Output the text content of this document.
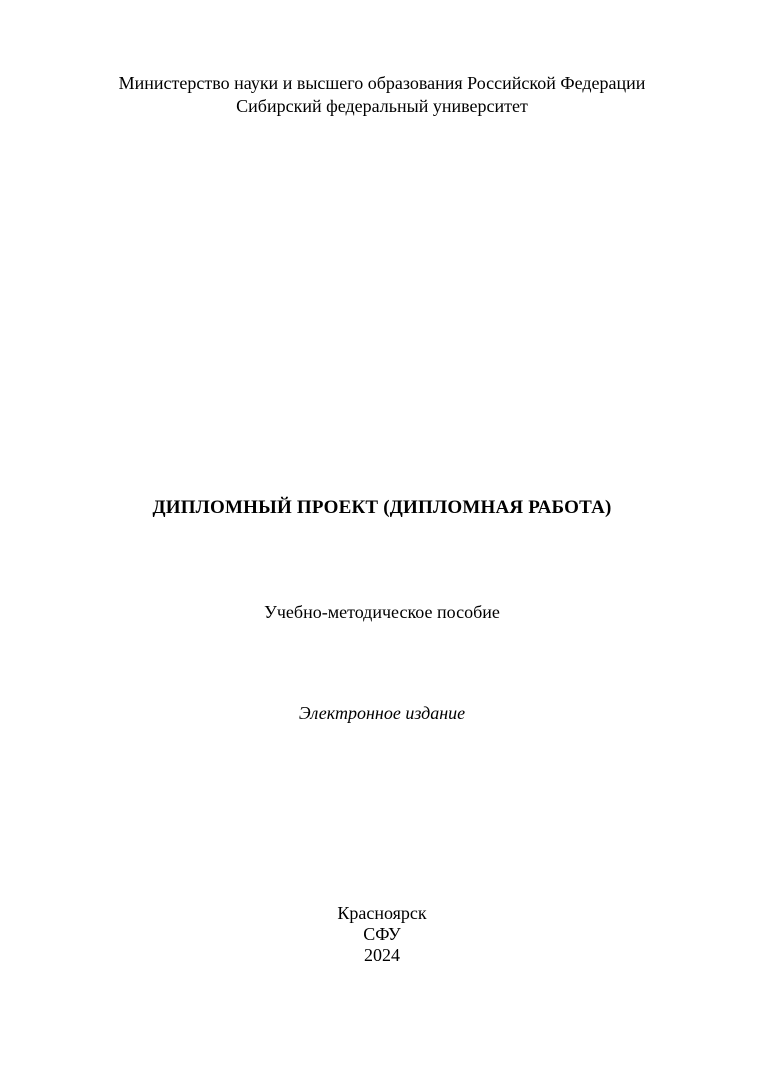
Министерство науки и высшего образования Российской Федерации
Сибирский федеральный университет
ДИПЛОМНЫЙ ПРОЕКТ (ДИПЛОМНАЯ РАБОТА)
Учебно-методическое пособие
Электронное издание
Красноярск
СФУ
2024
